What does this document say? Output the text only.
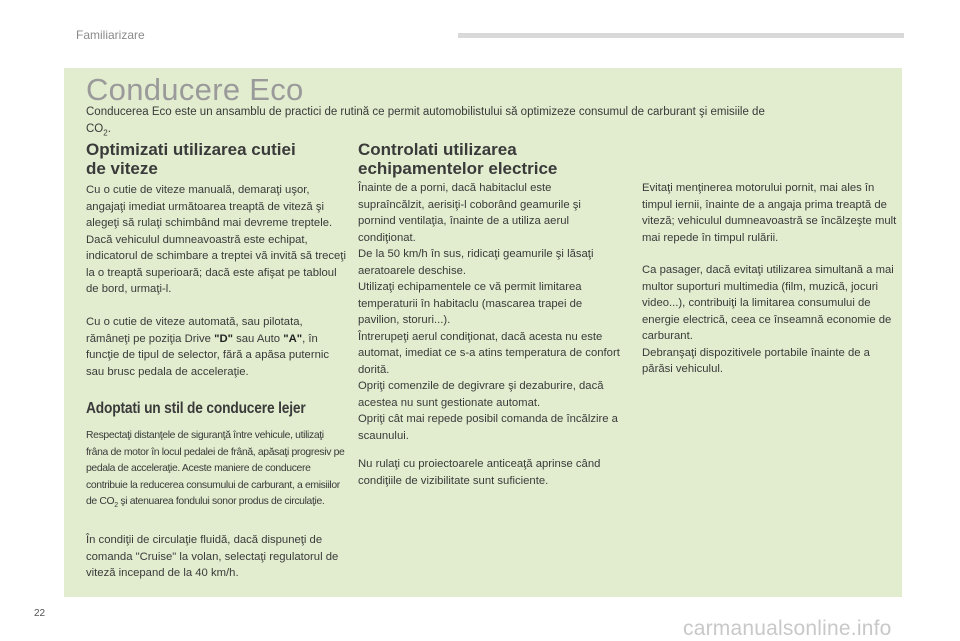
Familiarizare
Conducere Eco
Conducerea Eco este un ansamblu de practici de rutină ce permit automobilistului să optimizeze consumul de carburant şi emisiile de $CO_2$.
Optimizati utilizarea cutiei
de viteze
Cu o cutie de viteze manuală, demaraţi uşor, angajaţi imediat următoarea treaptă de viteză şi alegeţi să rulaţi schimbând mai devreme treptele. Dacă vehiculul dumneavoastră este echipat, indicatorul de schimbare a treptei vă invită să treceţi la o treaptă superioară; dacă este afişat pe tabloul de bord, urmaţi-l.
Cu o cutie de viteze automată, sau pilotata, rămâneţi pe poziţia Drive "D" sau Auto "A", în funcţie de tipul de selector, fără a apăsa puternic sau brusc pedala de acceleraţie.
Adoptati un stil de conducere lejer
Respectaţi distanţele de siguranţă între vehicule, utilizaţi frâna de motor în locul pedalei de frână, apăsaţi progresiv pe pedala de acceleraţie. Aceste maniere de conducere contribuie la reducerea consumului de carburant, a emisiilor de $CO_2$ şi atenuarea fondului sonor produs de circulaţie.
În condiţii de circulaţie fluidă, dacă dispuneţi de comanda "Cruise" la volan, selectaţi regulatorul de viteză incepand de la 40 km/h.
Controlati utilizarea
echipamentelor electrice
Înainte de a porni, dacă habitaclul este supraîncălzit, aerisiţi-l coborând geamurile şi pornind ventilaţia, înainte de a utiliza aerul condiţionat.
De la 50 km/h în sus, ridicaţi geamurile şi lăsaţi aeratoarele deschise.
Utilizaţi echipamentele ce vă permit limitarea temperaturii în habitaclu (mascarea trapei de pavilion, storuri...).
Întrerupeţi aerul condiţionat, dacă acesta nu este automat, imediat ce s-a atins temperatura de confort dorită.
Opriţi comenzile de degivrare şi dezaburire, dacă acestea nu sunt gestionate automat.
Opriţi cât mai repede posibil comanda de încălzire a scaunului.
Nu rulaţi cu proiectoarele anticeaţă aprinse când condiţiile de vizibilitate sunt suficiente.
Evitaţi menţinerea motorului pornit, mai ales în timpul iernii, înainte de a angaja prima treaptă de viteză; vehiculul dumneavoastră se încălzeşte mult mai repede în timpul rulării.
Ca pasager, dacă evitaţi utilizarea simultană a mai multor suporturi multimedia (film, muzică, jocuri video...), contribuiţi la limitarea consumului de energie electrică, ceea ce înseamnă economie de carburant.
Debranşaţi dispozitivele portabile înainte de a părăsi vehiculul.
22
carmanualsonline.info
